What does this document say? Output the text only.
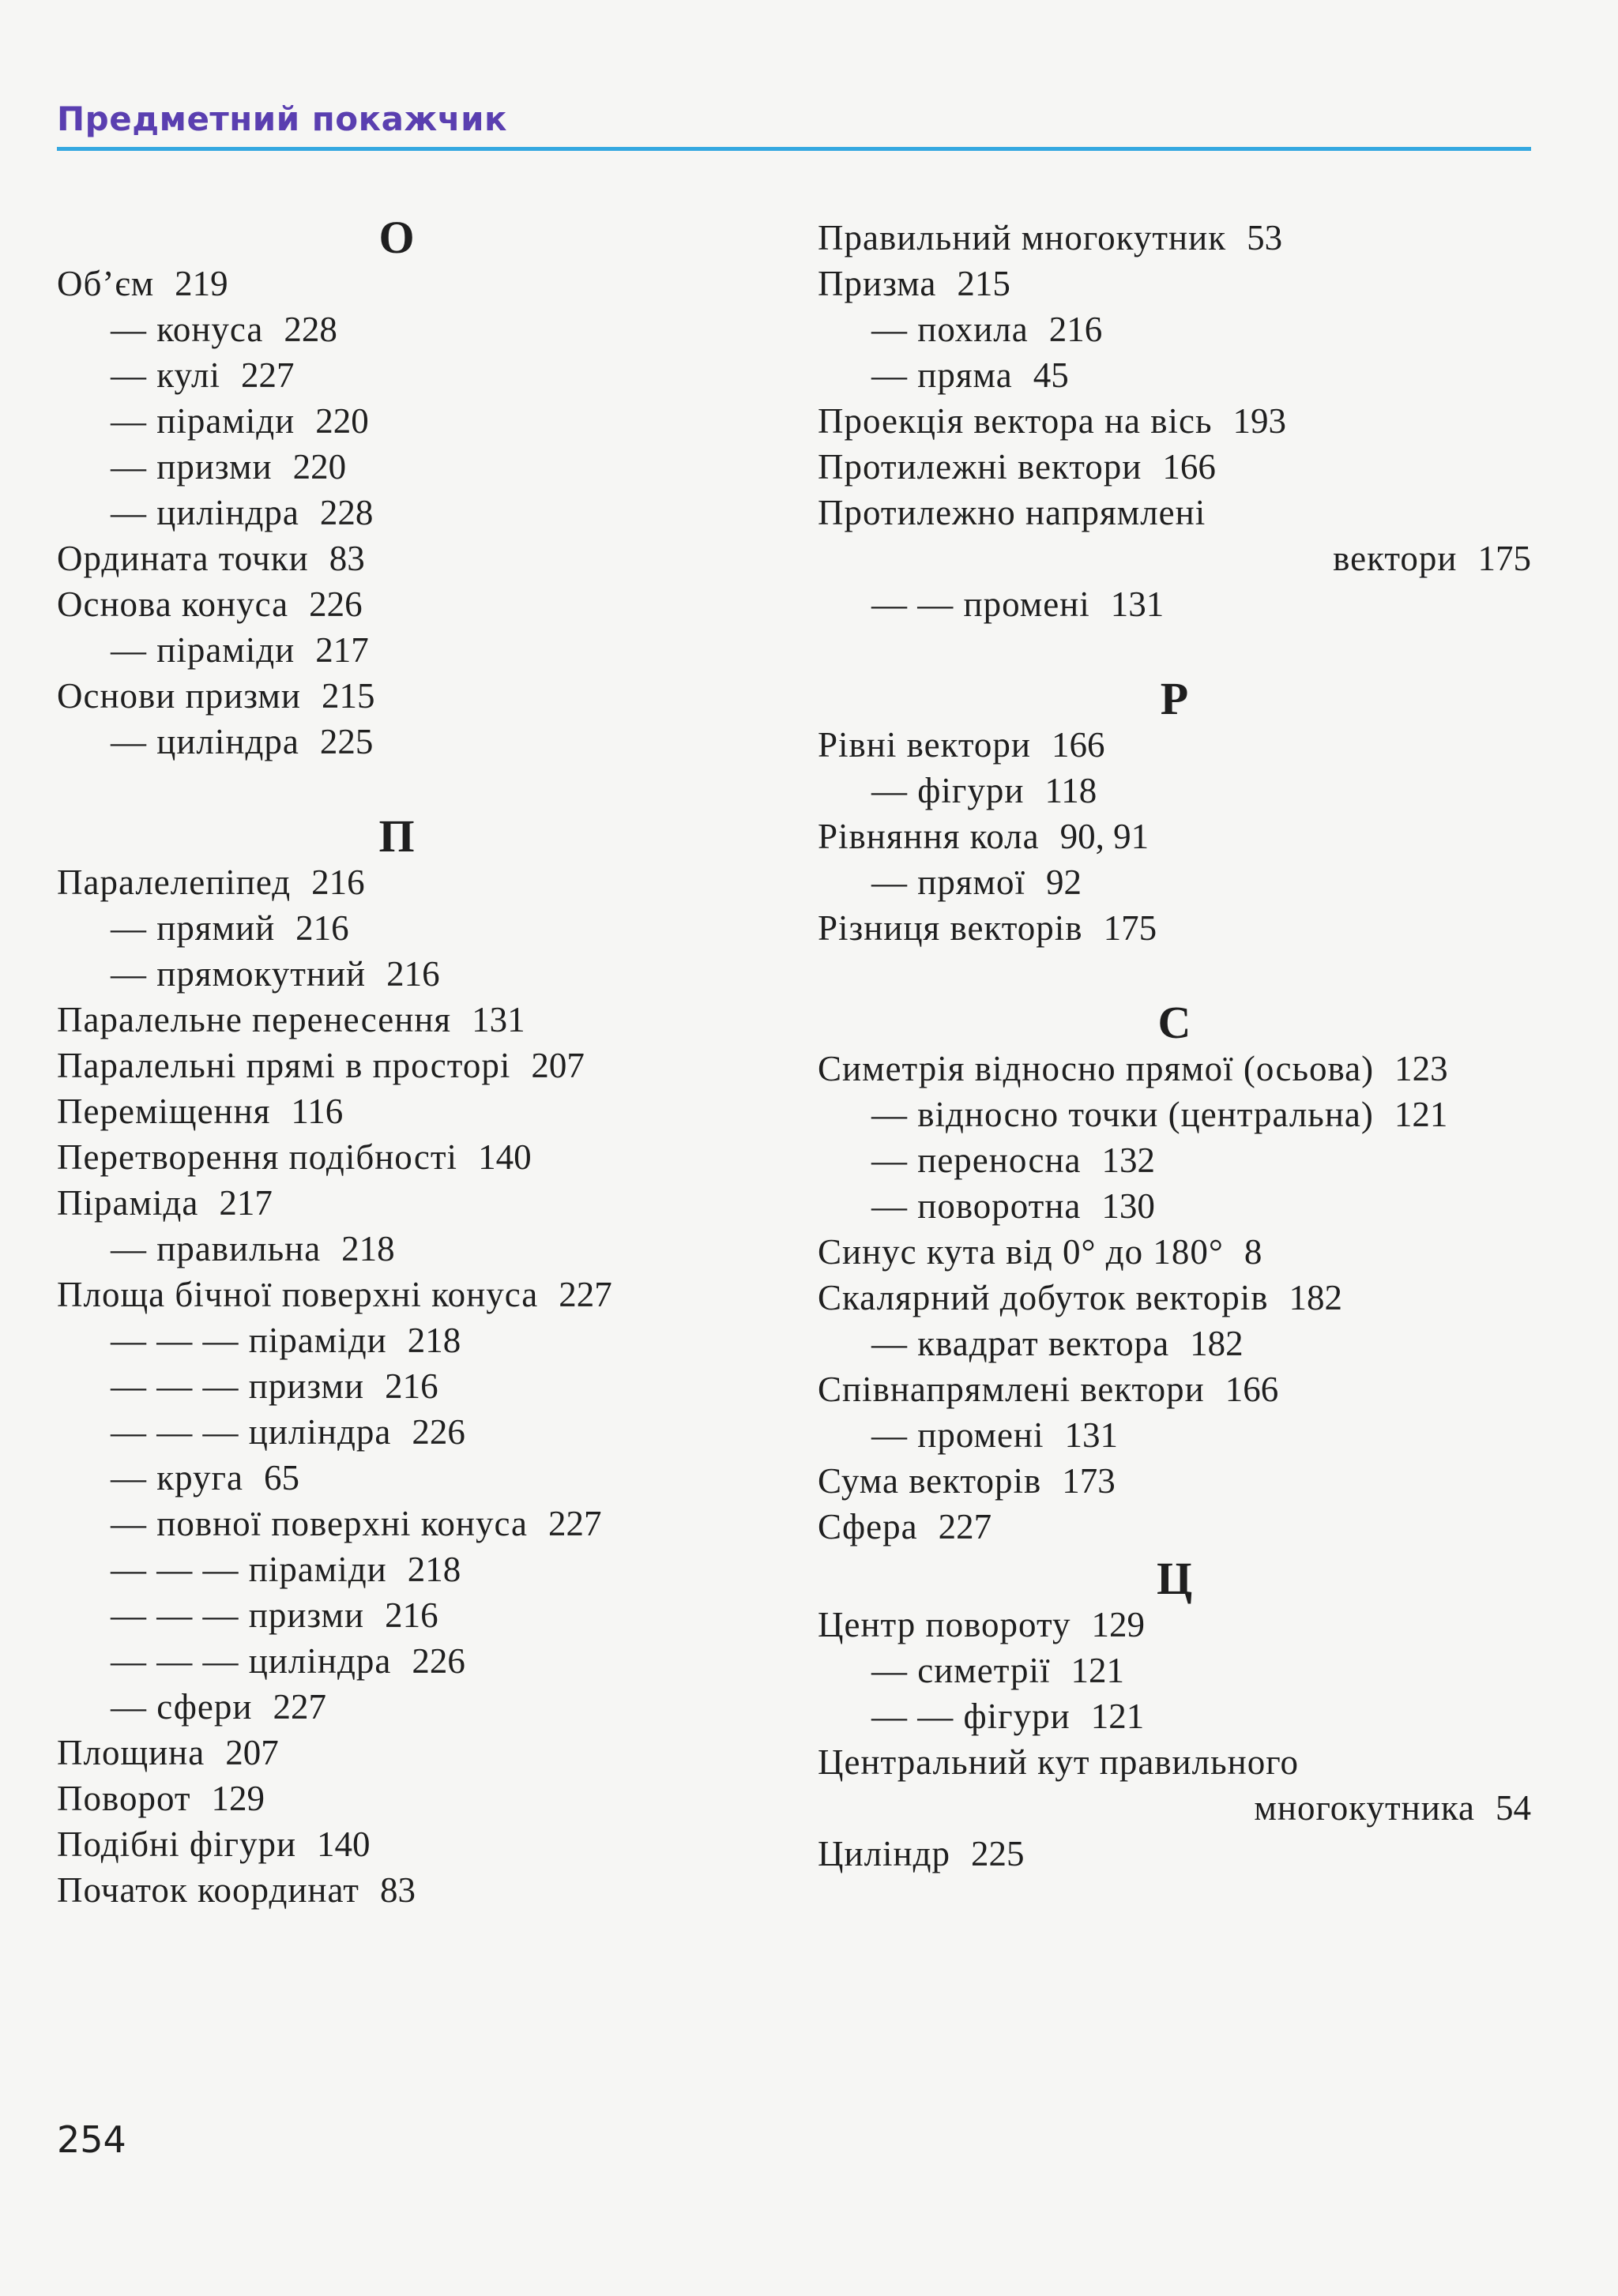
Предметний покажчик
О
Об’єм 219
— конуса 228
— кулі 227
— піраміди 220
— призми 220
— циліндра 228
Ордината точки 83
Основа конуса 226
— піраміди 217
Основи призми 215
— циліндра 225
П
Паралелепіпед 216
— прямий 216
— прямокутний 216
Паралельне перенесення 131
Паралельні прямі в просторі 207
Переміщення 116
Перетворення подібності 140
Піраміда 217
— правильна 218
Площа бічної поверхні конуса 227
— — — піраміди 218
— — — призми 216
— — — циліндра 226
— круга 65
— повної поверхні конуса 227
— — — піраміди 218
— — — призми 216
— — — циліндра 226
— сфери 227
Площина 207
Поворот 129
Подібні фігури 140
Початок координат 83
Правильний многокутник 53
Призма 215
— похила 216
— пряма 45
Проекція вектора на вісь 193
Протилежні вектори 166
Протилежно напрямлені
вектори 175
— — промені 131
Р
Рівні вектори 166
— фігури 118
Рівняння кола 90, 91
— прямої 92
Різниця векторів 175
С
Симетрія відносно прямої (осьова) 123
— відносно точки (центральна) 121
— переносна 132
— поворотна 130
Синус кута від 0° до 180° 8
Скалярний добуток векторів 182
— квадрат вектора 182
Співнапрямлені вектори 166
— промені 131
Сума векторів 173
Сфера 227
Ц
Центр повороту 129
— симетрії 121
— — фігури 121
Центральний кут правильного
многокутника 54
Циліндр 225
254
